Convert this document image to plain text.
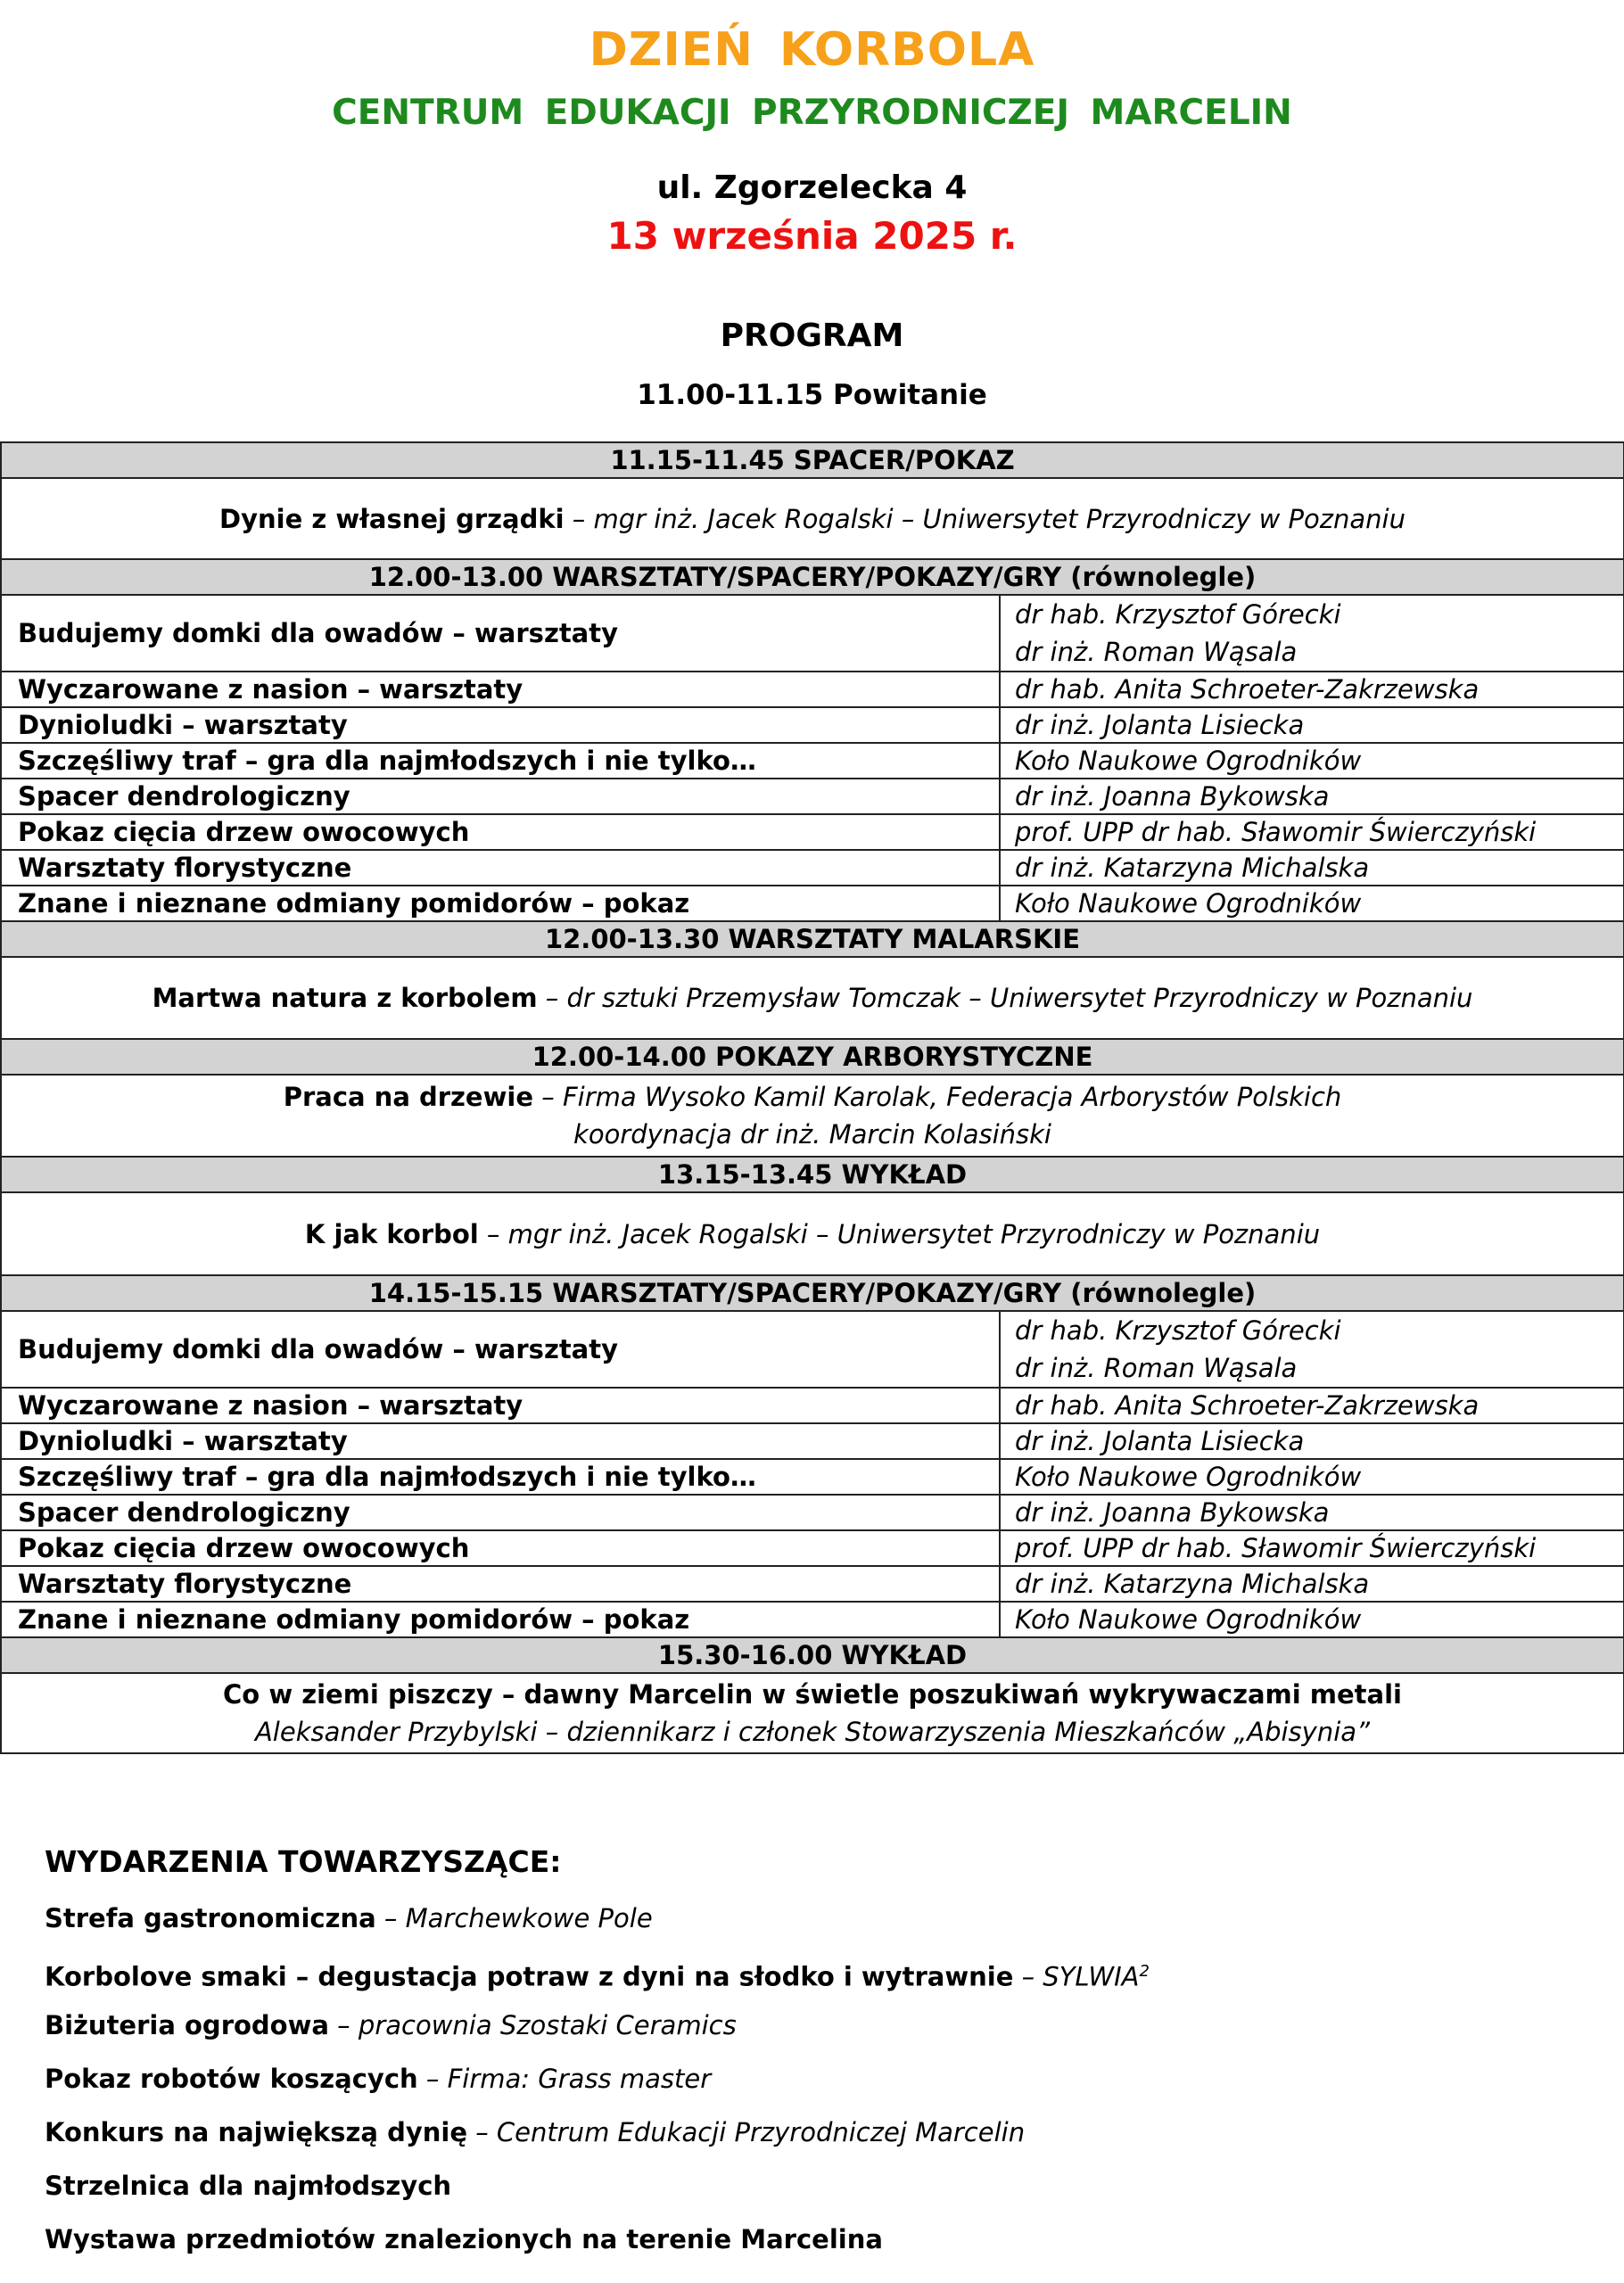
DZIEŃ KORBOLA
CENTRUM EDUKACJI PRZYRODNICZEJ MARCELIN
ul. Zgorzelecka 4
13 września 2025 r.
PROGRAM
11.00-11.15 Powitanie
11.15-11.45 SPACER/POKAZ	
Dynie z własnej grządki – mgr inż. Jacek Rogalski – Uniwersytet Przyrodniczy w Poznaniu	
12.00-13.00 WARSZTATY/SPACERY/POKAZY/GRY (równolegle)	
Budujemy domki dla owadów – warsztaty	dr hab. Krzysztof Górecki
dr inż. Roman Wąsala

Wyczarowane z nasion – warsztaty	dr hab. Anita Schroeter-Zakrzewska
Dynioludki – warsztaty	dr inż. Jolanta Lisiecka
Szczęśliwy traf – gra dla najmłodszych i nie tylko…	Koło Naukowe Ogrodników
Spacer dendrologiczny	dr inż. Joanna Bykowska
Pokaz cięcia drzew owocowych	prof. UPP dr hab. Sławomir Świerczyński
Warsztaty florystyczne	dr inż. Katarzyna Michalska
Znane i nieznane odmiany pomidorów – pokaz	Koło Naukowe Ogrodników
12.00-13.30 WARSZTATY MALARSKIE	
Martwa natura z korbolem – dr sztuki Przemysław Tomczak – Uniwersytet Przyrodniczy w Poznaniu	
12.00-14.00 POKAZY ARBORYSTYCZNE	

Praca na drzewie – Firma Wysoko Kamil Karolak, Federacja Arborystów Polskich
koordynacja dr inż. Marcin Kolasiński	

13.15-13.45 WYKŁAD	
K jak korbol – mgr inż. Jacek Rogalski – Uniwersytet Przyrodniczy w Poznaniu	
14.15-15.15 WARSZTATY/SPACERY/POKAZY/GRY (równolegle)	
Budujemy domki dla owadów – warsztaty	dr hab. Krzysztof Górecki
dr inż. Roman Wąsala

Wyczarowane z nasion – warsztaty	dr hab. Anita Schroeter-Zakrzewska
Dynioludki – warsztaty	dr inż. Jolanta Lisiecka
Szczęśliwy traf – gra dla najmłodszych i nie tylko…	Koło Naukowe Ogrodników
Spacer dendrologiczny	dr inż. Joanna Bykowska
Pokaz cięcia drzew owocowych	prof. UPP dr hab. Sławomir Świerczyński
Warsztaty florystyczne	dr inż. Katarzyna Michalska
Znane i nieznane odmiany pomidorów – pokaz	Koło Naukowe Ogrodników
15.30-16.00 WYKŁAD	

Co w ziemi piszczy – dawny Marcelin w świetle poszukiwań wykrywaczami metali
Aleksander Przybylski – dziennikarz i członek Stowarzyszenia Mieszkańców „Abisynia”	
WYDARZENIA TOWARZYSZĄCE:
Strefa gastronomiczna – Marchewkowe Pole
Korbolove smaki – degustacja potraw z dyni na słodko i wytrawnie – SYLWIA$^2$
Biżuteria ogrodowa – pracownia Szostaki Ceramics
Pokaz robotów koszących – Firma: Grass master
Konkurs na największą dynię – Centrum Edukacji Przyrodniczej Marcelin
Strzelnica dla najmłodszych
Wystawa przedmiotów znalezionych na terenie Marcelina
